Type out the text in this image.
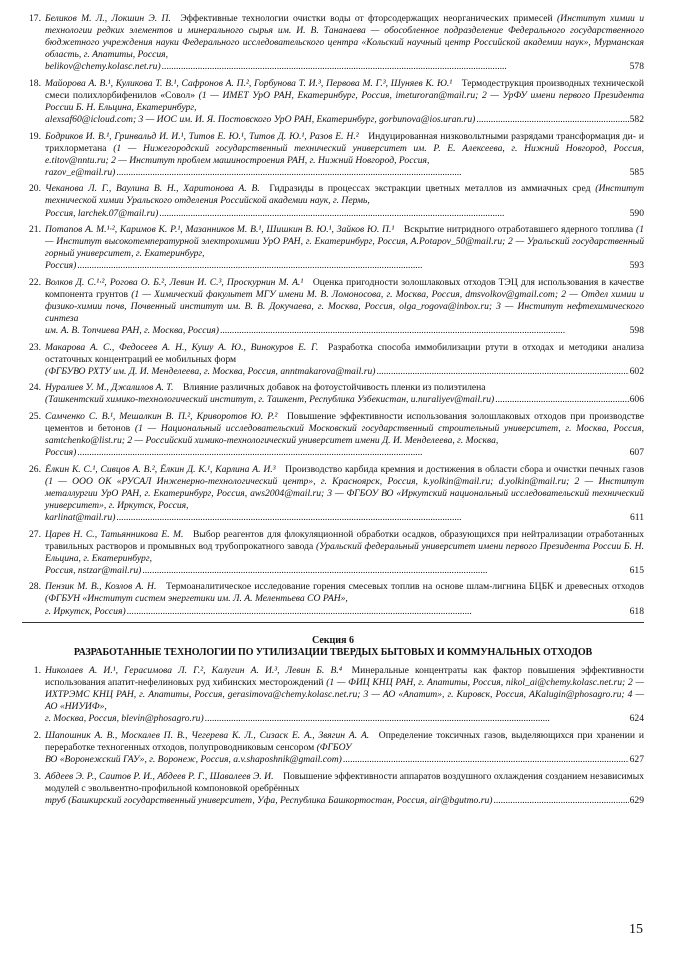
17. Беликов М. Л., Локшин Э. П.  Эффективные технологии очистки воды от фторсодержащих неорганических примесей (Институт химии и технологии редких элементов и минерального сырья им. И. В. Тананаева — обособленное подразделение Федерального государственного бюджетного учреждения науки Федерального исследовательского центра «Кольский научный центр Российской академии наук», Мурманская область, г. Апатиты, Россия,
belikov@chemy.kolasc.net.ru) . . .	578
18. Майорова А. В.¹, Куликова Т. В.¹, Сафронов А. П.², Горбунова Т. И.³, Первова М. Г.³, Шуняев К. Ю.¹  Термодеструкция производных технической смеси полихлорбифенилов «Совол» (1 — ИМЕТ УрО РАН, Екатеринбург, Россия, imeturoran@mail.ru; 2 — УрФУ имени первого Президента России Б. Н. Ельцина, Екатеринбург,
alexsaf60@icloud.com; 3 — ИОС им. И. Я. Постовского УрО РАН, Екатеринбург, gorbunova@ios.uran.ru) . . .	582
19. Бодриков И. В.¹, Гринвальд И. И.¹, Титов Е. Ю.¹, Титов Д. Ю.¹, Разов Е. Н.²  Индуцированная низковольтными разрядами трансформация ди- и трихлорметана (1 — Нижегородский государственный технический университет им. Р. Е. Алексеева, г. Нижний Новгород, Россия, e.titov@nntu.ru; 2 — Институт проблем машиностроения РАН, г. Нижний Новгород, Россия,
razov_e@mail.ru) . . .	585
20. Чеканова Л. Г., Ваулина В. Н., Харитонова А. В.  Гидразиды в процессах экстракции цветных металлов из аммиачных сред (Институт технической химии Уральского отделения Российской академии наук, г. Пермь,
Россия, larchek.07@mail.ru) . . .	590
21. Потапов А. М.¹·², Каримов К. Р.¹, Мазанников М. В.¹, Шишкин В. Ю.¹, Зайков Ю. П.¹  Вскрытие нитридного отработавшего ядерного топлива (1 — Институт высокотемпературной электрохимии УрО РАН, г. Екатеринбург, Россия, A.Potapov_50@mail.ru; 2 — Уральский государственный горный университет, г. Екатеринбург,
Россия) . . .	593
22. Волков Д. С.¹·², Рогова О. Б.², Левин И. С.³, Проскурнин М. А.¹  Оценка пригодности золошлаковых отходов ТЭЦ для использования в качестве компонента грунтов (1 — Химический факультет МГУ имени М. В. Ломоносова, г. Москва, Россия, dmsvolkov@gmail.com; 2 — Отдел химии и физико-химии почв, Почвенный институт им. В. В. Докучаева, г. Москва, Россия, olga_rogova@inbox.ru; 3 — Институт нефтехимического синтеза
им. А. В. Топчиева РАН, г. Москва, Россия) . . .	598
23. Макарова А. С., Федосеев А. Н., Кушу А. Ю., Винокуров Е. Г.  Разработка способа иммобилизации ртути в отходах и методики анализа остаточных концентраций ее мобильных форм
(ФГБУВО РХТУ им. Д. И. Менделеева, г. Москва, Россия, anntmakarova@mail.ru) . . .	602
24. Нуралиев У. М., Джалилов А. Т.  Влияние различных добавок на фотоустойчивость пленки из полиэтилена
(Ташкентский химико-технологический институт, г. Ташкент, Республика Узбекистан, u.nuraliyev@mail.ru) . . .	606
25. Самченко С. В.¹, Мешалкин В. П.², Криворотов Ю. Р.²  Повышение эффективности использования золошлаковых отходов при производстве цементов и бетонов (1 — Национальный исследовательский Московский государственный строительный университет, г. Москва, Россия, samtchenko@list.ru; 2 — Российский химико-технологический университет имени Д. И. Менделеева, г. Москва,
Россия) . . .	607
26. Ёлкин К. С.¹, Сивцов А. В.², Ёлкин Д. К.¹, Карлина А. И.³  Производство карбида кремния и достижения в области сбора и очистки печных газов (1 — ООО ОК «РУСАЛ Инженерно-технологический центр», г. Красноярск, Россия, k.yolkin@mail.ru; d.yolkin@mail.ru; 2 — Институт металлургии УрО РАН, г. Екатеринбург, Россия, aws2004@mail.ru; 3 — ФГБОУ ВО «Иркутский национальный исследовательский технический университет», г. Иркутск, Россия,
karlinat@mail.ru) . . .	611
27. Царев Н. С., Татьянникова Е. М.  Выбор реагентов для флокуляционной обработки осадков, образующихся при нейтрализации отработанных травильных растворов и промывных вод трубопрокатного завода (Уральский федеральный университет имени первого Президента России Б. Н. Ельцина, г. Екатеринбург,
Россия, nstzar@mail.ru) . . .	615
28. Пензик М. В., Козлов А. Н.  Термоаналитическое исследование горения смесевых топлив на основе шлам-лигнина БЦБК и древесных отходов (ФГБУН «Институт систем энергетики им. Л. А. Мелентьева СО РАН»,
г. Иркутск, Россия) . . .	618
Секция 6
РАЗРАБОТАННЫЕ ТЕХНОЛОГИИ ПО УТИЛИЗАЦИИ ТВЕРДЫХ БЫТОВЫХ И КОММУНАЛЬНЫХ ОТХОДОВ
1. Николаев А. И.¹, Герасимова Л. Г.², Калугин А. И.³, Левин Б. В.⁴  Минеральные концентраты как фактор повышения эффективности использования апатит-нефелиновых руд хибинских месторождений (1 — ФИЦ КНЦ РАН, г. Апатиты, Россия, nikol_ai@chemy.kolasc.net.ru; 2 — ИХТРЭМС КНЦ РАН, г. Апатиты, Россия, gerasimova@chemy.kolasc.net.ru; 3 — АО «Апатит», г. Кировск, Россия, AKalugin@phosagro.ru; 4 — АО «НИУИФ»,
г. Москва, Россия, blevin@phosagro.ru) . . .	624
2. Шапошник А. В., Москалев П. В., Чегерева К. Л., Сизаск Е. А., Звягин А. А.  Определение токсичных газов, выделяющихся при хранении и переработке техногенных отходов, полупроводниковым сенсором (ФГБОУ
ВО «Воронежский ГАУ», г. Воронеж, Россия, a.v.shaposhnik@gmail.com) . . .	627
3. Абдеев Э. Р., Саитов Р. И., Абдеев Р. Г., Шавалеев Э. И.  Повышение эффективности аппаратов воздушного охлаждения созданием независимых модулей с эвольвентно-профильной компоновкой оребрённых
труб (Башкирский государственный университет, Уфа, Республика Башкортостан, Россия, air@bgutmo.ru) . . .	629
15
